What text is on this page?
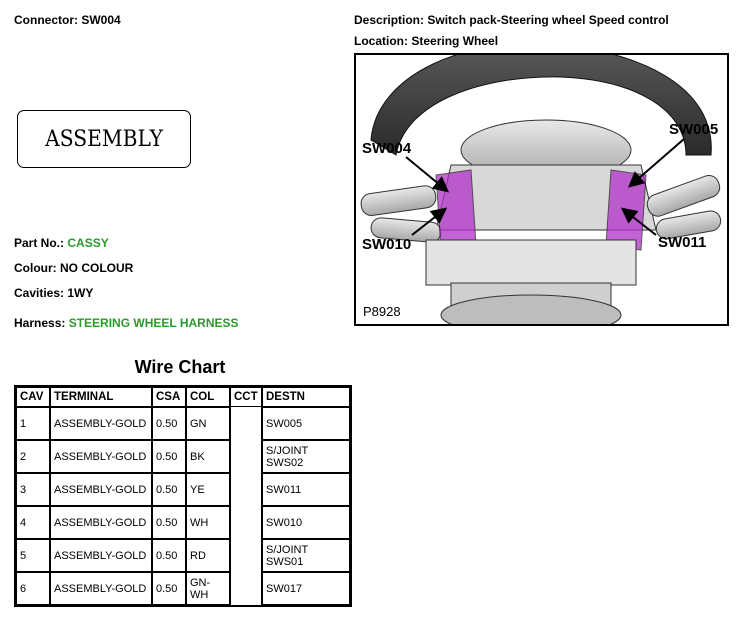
Connector: SW004	Description: Switch pack-Steering wheel Speed control
Location: Steering Wheel
ASSEMBLY
Part No.: CASSY
Colour: NO COLOUR
Cavities: 1WY
Harness: STEERING WHEEL HARNESS
Wire Chart
CAV	TERMINAL	CSA	COL	CCT	DESTN
1	ASSEMBLY-GOLD	0.50	GN		SW005
2	ASSEMBLY-GOLD	0.50	BK		S/JOINT SWS02
3	ASSEMBLY-GOLD	0.50	YE		SW011
4	ASSEMBLY-GOLD	0.50	WH		SW010
5	ASSEMBLY-GOLD	0.50	RD		S/JOINT SWS01
6	ASSEMBLY-GOLD	0.50	GN-WH		SW017
SW004
SW005
SW010	SW011
P8928
